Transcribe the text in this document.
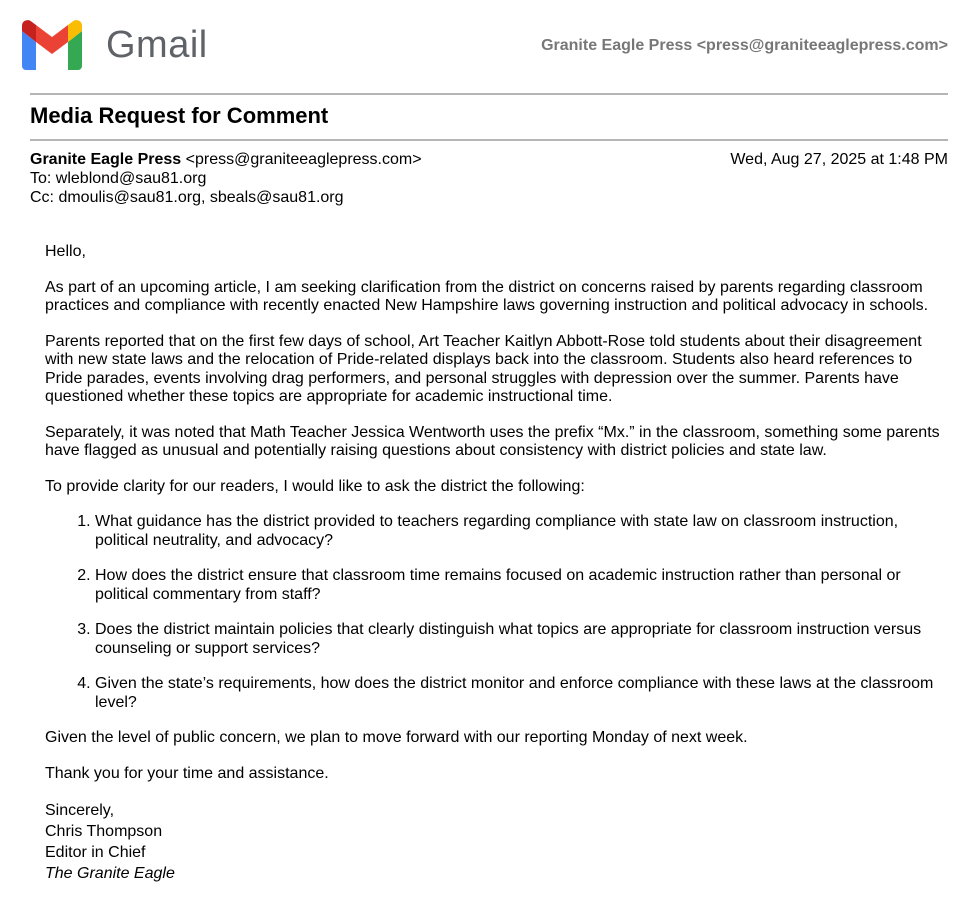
Gmail	Granite Eagle Press <press@graniteeaglepress.com>
Media Request for Comment
Granite Eagle Press <press@graniteeaglepress.com>	Wed, Aug 27, 2025 at 1:48 PM
To: wleblond@sau81.org
Cc: dmoulis@sau81.org, sbeals@sau81.org

Hello,

As part of an upcoming article, I am seeking clarification from the district on concerns raised by parents regarding classroom practices and compliance with recently enacted New Hampshire laws governing instruction and political advocacy in schools.

Parents reported that on the first few days of school, Art Teacher Kaitlyn Abbott-Rose told students about their disagreement with new state laws and the relocation of Pride-related displays back into the classroom. Students also heard references to Pride parades, events involving drag performers, and personal struggles with depression over the summer. Parents have questioned whether these topics are appropriate for academic instructional time.

Separately, it was noted that Math Teacher Jessica Wentworth uses the prefix “Mx.” in the classroom, something some parents have flagged as unusual and potentially raising questions about consistency with district policies and state law.

To provide clarity for our readers, I would like to ask the district the following:

1. What guidance has the district provided to teachers regarding compliance with state law on classroom instruction, political neutrality, and advocacy?
2. How does the district ensure that classroom time remains focused on academic instruction rather than personal or political commentary from staff?
3. Does the district maintain policies that clearly distinguish what topics are appropriate for classroom instruction versus counseling or support services?
4. Given the state’s requirements, how does the district monitor and enforce compliance with these laws at the classroom level?

Given the level of public concern, we plan to move forward with our reporting Monday of next week.

Thank you for your time and assistance.

Sincerely,
Chris Thompson
Editor in Chief
The Granite Eagle
